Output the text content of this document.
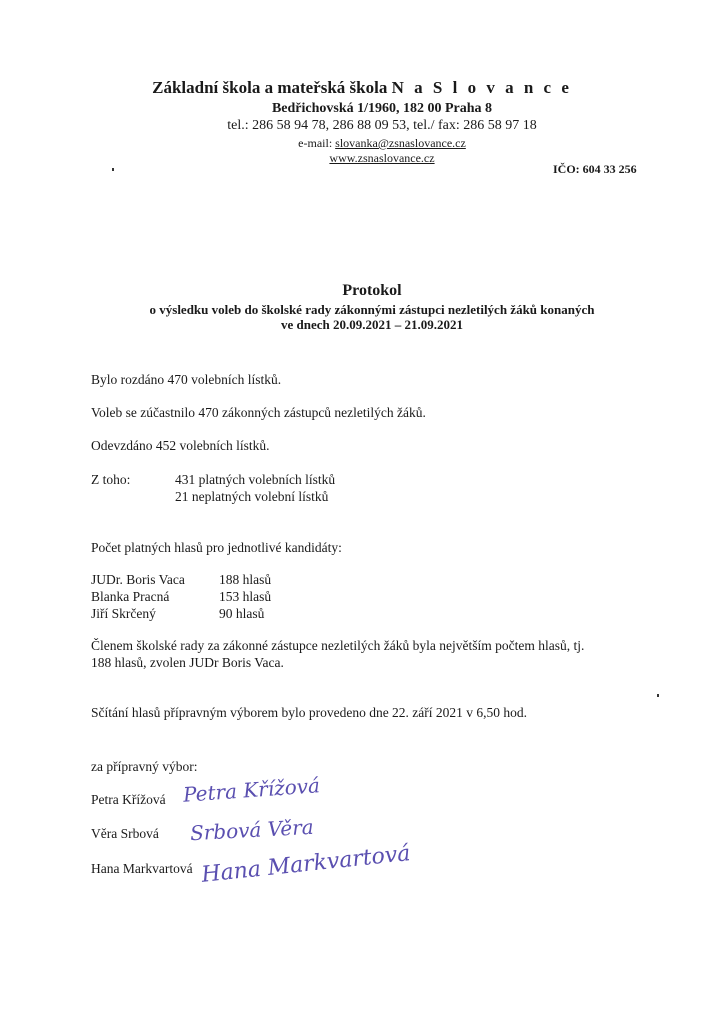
Základní škola a mateřská škola N a S l o v a n c e
Bedřichovská 1/1960, 182 00 Praha 8
tel.: 286 58 94 78, 286 88 09 53, tel./ fax: 286 58 97 18
e-mail: slovanka@zsnaslovance.cz
www.zsnaslovance.cz
IČO: 604 33 256
Protokol
o výsledku voleb do školské rady zákonnými zástupci nezletilých žáků konaných
ve dnech 20.09.2021 – 21.09.2021
Bylo rozdáno 470 volebních lístků.
Voleb se zúčastnilo 470 zákonných zástupců nezletilých žáků.
Odevzdáno 452 volebních lístků.
Z toho:	431 platných volebních lístků
21 neplatných volební lístků
Počet platných hlasů pro jednotlivé kandidáty:
JUDr. Boris Vaca	188 hlasů
Blanka Pracná	153 hlasů
Jiří Skrčený	90 hlasů
Členem školské rady za zákonné zástupce nezletilých žáků byla největším počtem hlasů, tj.
188 hlasů, zvolen JUDr Boris Vaca.
Sčítání hlasů přípravným výborem bylo provedeno dne 22. září 2021 v 6,50 hod.
za přípravný výbor:
Petra Křížová Petra Křížová
Věra Srbová Srbová Věra
Hana Markvartová Hana Markvartová
